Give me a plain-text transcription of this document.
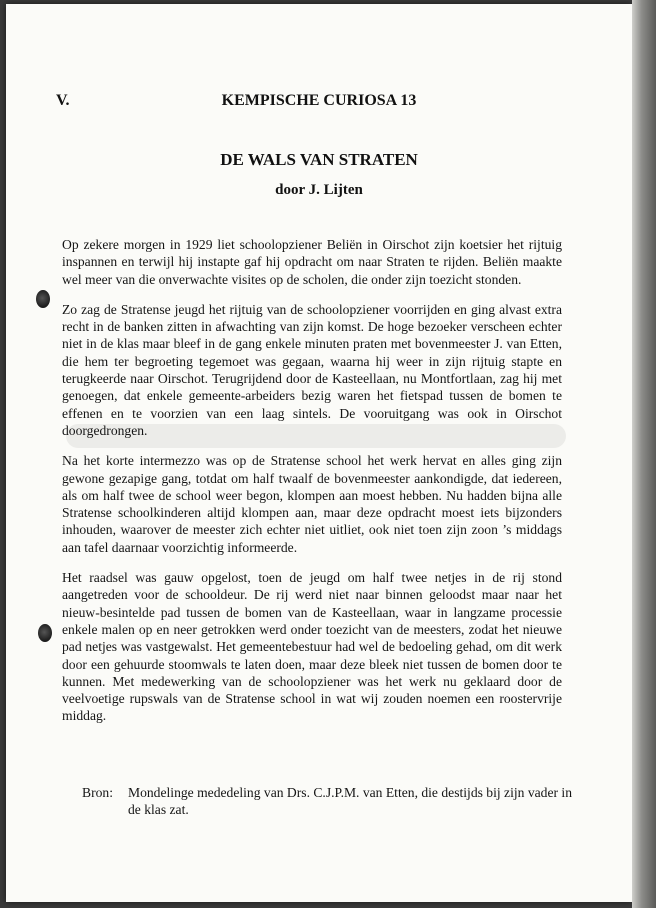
V.	KEMPISCHE CURIOSA 13
DE WALS VAN STRATEN
door J. Lijten

Op zekere morgen in 1929 liet schoolopziener Beliën in Oirschot zijn koetsier het rijtuig inspannen en terwijl hij instapte gaf hij opdracht om naar Straten te rijden. Beliën maakte wel meer van die onverwachte visites op de scholen, die onder zijn toezicht stonden.

Zo zag de Stratense jeugd het rijtuig van de schoolopziener voorrijden en ging alvast extra recht in de banken zitten in afwachting van zijn komst. De hoge bezoeker verscheen echter niet in de klas maar bleef in de gang enkele minuten praten met bovenmeester J. van Etten, die hem ter begroeting tegemoet was gegaan, waarna hij weer in zijn rijtuig stapte en terugkeerde naar Oirschot. Terugrijdend door de Kasteellaan, nu Montfortlaan, zag hij met genoegen, dat enkele gemeente-arbeiders bezig waren het fietspad tussen de bomen te effenen en te voorzien van een laag sintels. De vooruitgang was ook in Oirschot doorgedrongen.

Na het korte intermezzo was op de Stratense school het werk hervat en alles ging zijn gewone gezapige gang, totdat om half twaalf de bovenmeester aankondigde, dat iedereen, als om half twee de school weer begon, klompen aan moest hebben. Nu hadden bijna alle Stratense schoolkinderen altijd klompen aan, maar deze opdracht moest iets bijzonders inhouden, waarover de meester zich echter niet uitliet, ook niet toen zijn zoon ’s middags aan tafel daarnaar voorzichtig informeerde.

Het raadsel was gauw opgelost, toen de jeugd om half twee netjes in de rij stond aangetreden voor de schooldeur. De rij werd niet naar binnen geloodst maar naar het nieuw-besintelde pad tussen de bomen van de Kasteellaan, waar in langzame processie enkele malen op en neer getrokken werd onder toezicht van de meesters, zodat het nieuwe pad netjes was vastgewalst. Het gemeentebestuur had wel de bedoeling gehad, om dit werk door een gehuurde stoomwals te laten doen, maar deze bleek niet tussen de bomen door te kunnen. Met medewerking van de schoolopziener was het werk nu geklaard door de veelvoetige rupswals van de Stratense school in wat wij zouden noemen een roostervrije middag.

Bron:	Mondelinge mededeling van Drs. C.J.P.M. van Etten, die destijds bij zijn vader in de klas zat.
